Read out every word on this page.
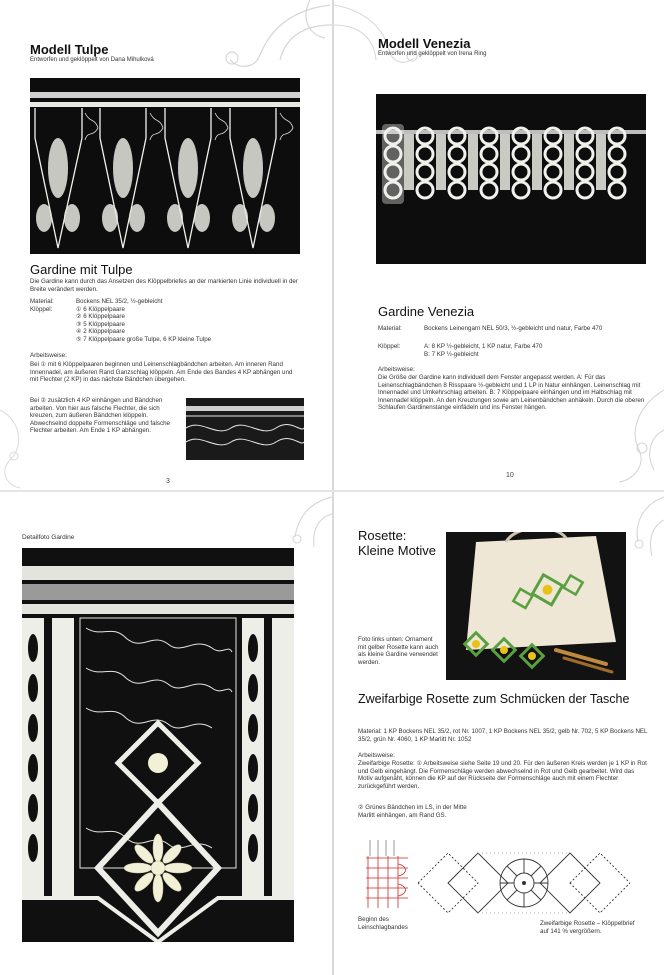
Modell Tulpe
Entworfen und geklöppelt von Dana Mihulková
Gardine mit Tulpe
Die Gardine kann durch das Ansetzen des Klöppelbriefes an der markierten Linie individuell in der Breite verändert werden.
Material:	Bockens NEL 35/2, ½-gebleicht
Klöppel:	① 6 Klöppelpaare
② 6 Klöppelpaare
③ 5 Klöppelpaare
④ 2 Klöppelpaare
⑤ 7 Klöppelpaare große Tulpe, 6 KP kleine Tulpe
Arbeitsweise:
Bei ① mit 6 Klöppelpaaren beginnen und Leinenschlagbändchen arbeiten. Am inneren Rand Innennadel, am äußeren Rand Ganzschlag klöppeln. Am Ende des Bandes 4 KP abhängen und mit Flechter (2 KP) in das nächste Bändchen übergehen.
Bei ② zusätzlich 4 KP einhängen und Bändchen arbeiten. Von hier aus falsche Flechter, die sich kreuzen, zum äußeren Bändchen klöppeln. Abwechselnd doppelte Formenschläge und falsche Flechter arbeiten. Am Ende 1 KP abhängen.
3
Modell Venezia
Entworfen und geklöppelt von Irena Ring
Gardine Venezia
Material:	Bockens Leinengarn NEL 50/3, ½-gebleicht und natur, Farbe 470
Klöppel:	A: 8 KP ½-gebleicht, 1 KP natur, Farbe 470
B: 7 KP ½-gebleicht
Arbeitsweise:
Die Größe der Gardine kann individuell dem Fenster angepasst werden. A: Für das Leinenschlagbändchen 8 Risspaare ½-gebleicht und 1 LP in Natur einhängen. Leinenschlag mit Innennadel und Umkehrschlag arbeiten. B: 7 Klöppelpaare einhängen und im Halbschlag mit Innennadel klöppeln. An den Kreuzungen sowie am Leinenbändchen anhäkeln. Durch die oberen Schlaufen Gardinenstange einfädeln und ins Fenster hängen.
10
Detailfoto Gardine	Rosette:
Kleine Motive
Foto links unten: Ornament mit gelber Rosette kann auch als kleine Gardine verwendet werden.
Zweifarbige Rosette zum Schmücken der Tasche
Material: 1 KP Bockens NEL 35/2, rot Nr. 1007, 1 KP Bockens NEL 35/2, gelb Nr. 702, 5 KP Bockens NEL 35/2, grün Nr. 4060, 1 KP Marlitt Nr. 1052
Arbeitsweise:
Zweifarbige Rosette: ① Arbeitsweise siehe Seite 19 und 20. Für den äußeren Kreis werden je 1 KP in Rot und Gelb eingehängt. Die Formenschläge werden abwechselnd in Rot und Gelb gearbeitet. Wird das Motiv aufgenäht, können die KP auf der Rückseite der Formenschläge auch mit einem Flechter zurückgeführt werden.
② Grünes Bändchen im LS, in der Mitte Marlitt einhängen, am Rand GS.
Beginn des Leinschlagbandes
Zweifarbige Rosette – Klöppelbrief auf 141 % vergrößern.
